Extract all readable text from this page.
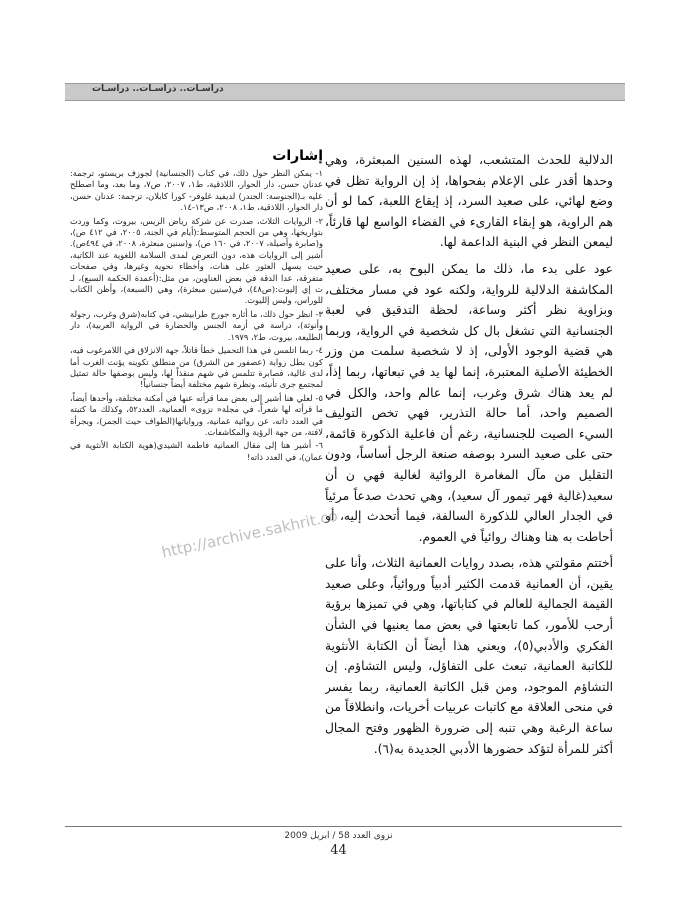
دراسـات.. دراسـات.. دراسـات
إشارات

١- يمكن النظر حول ذلك، في كتاب (الجنسانية) لجوزف بريستو، ترجمة: عدنان حسن، دار الحوار، اللاذقية، ط١، ٢٠٠٧، ص٧، وما بعد، وما اصطلح عليه بـ(الجنوسة: الجندر) لديفيد غلوفر- كورا كابلان، ترجمة: عدنان حسن، دار الحوار، اللاذقية، ط١، ٢٠٠٨، ص١٣-١٤.

٢- الروايات الثلاث، صدرت عن شركة رياض الريس، بيروت، وكما وردت بتواريخها، وهي من الحجم المتوسط:(أيام في الجنة، ٢٠٠٥، في ٤١٢ ص)، و(صابرة وأصيلة، ٢٠٠٧، في ١٦٠ ص)، و(سنين مبعثرة، ٢٠٠٨، في ٤٩٤ص). أشير إلى الروايات هذه، دون التعرض لمدى السلامة اللغوية عند الكاتبة، حيث يسهل العثور على هنات، وأخطاء نحوية وغيرها، وفي صفحات متفرقة، عدا الدقة في بعض العناوين، من مثل:(أعمدة الحكمة السبع)، لـ ت إي إليوت:(ص٤٨)، في(سنين مبعثرة)، وهي (السبعة)، وأظن الكتاب للوراس، وليس إلليوت.

٣- انظر حول ذلك، ما أثاره جورج طرابيشي، في كتابه(شرق وغرب، رجولة وأنوثة)، دراسة في أزمة الجنس والحضارة في الرواية العربية)، دار الطليعة، بيروت، ط٢، ١٩٧٩.

٤- ربما اتلمس في هذا التحميل خطأ قاتلاً، جهة الانزلاق في اللامرغوب فيه، كون بطل رواية (عصفور من الشرق) من منطلق تكوينه يؤنث الغرب أما لدى غالية، فصابرة تتلمس في شهم منقذاً لها، وليس بوصفها حالة تمثيل لمجتمع جرى تأنيثه، ونظرة شهم مختلفة أيضاً جنسانياً!

٥- لعلي هنا أشير إلى بعض مما قرأته عنها في أمكنة مختلفة، وأحدها أيضاً، ما قرأته لها شعراً، في مجلة« نزوى» العمانية، العدد٥٢، وكذلك ما كتبته في العدد ذاته، عن روائية عمانية، ورواياتها(الطواف حيث الجمر)، وبجرأة لافتة، من جهة الرؤية والمكاشفات.

٦- أشير هنا إلى مقال العمانية فاطمة الشيدي(هوية الكتابة الأنثوية في عمان)، في العدد ذاته!

الدلالية للحدث المتشعب، لهذه السنين المبعثرة، وهي وحدها أقدر على الإعلام بفحواها، إذ إن الرواية تظل في وضع لهائي، على صعيد السرد، إذ إيقاع اللعبة، كما لو أن هم الراوية، هو إبقاء القارىء في الفضاء الواسع لها قارئاً، ليمعن النظر في البنية الداعمة لها.

عود على بدء ما، ذلك ما يمكن البوح به، على صعيد المكاشفة الدلالية للرواية، ولكنه عود في مسار مختلف، وبزاوية نظر أكثر وساعة، لحظة التدقيق في لعبة الجنسانية التي تشغل بال كل شخصية في الرواية، وربما هي قضية الوجود الأولى، إذ لا شخصية سلمت من وزر الخطيئة الأصلية المعتبرة، إنما لها يد في تبعاتها، ربما إذاً، لم يعد هناك شرق وغرب، إنما عالم واحد، والكل في الصميم واحد، أما حالة التذرير، فهي تخص التوليف السيء الصيت للجنسانية، رغم أن فاعلية الذكورة قائمة، حتى على صعيد السرد بوصفه صنعة الرجل أساساً، ودون التقليل من مآل المغامرة الروائية لغالية فهي ن أن سعيد(غالية فهر تيمور آل سعيد)، وهي تحدث صدعاً مرئياً في الجدار العالي للذكورة السالفة، فيما أتحدث إليه، أو أحاطت به هنا وهناك روائياً في العموم.

أختتم مقولتي هذه، بصدد روايات العمانية الثلاث، وأنا على يقين، أن العمانية قدمت الكثير أدبياً وروائياً، وعلى صعيد القيمة الجمالية للعالم في كتاباتها، وهي في تميزها برؤية أرحب للأمور، كما تابعتها في بعض مما يعنيها في الشأن الفكري والأدبي(٥)، ويعني هذا أيضاً أن الكتابة الأنثوية للكاتبة العمانية، تبعث على التفاؤل، وليس التشاؤم. إن التشاؤم الموجود، ومن قبل الكاتبة العمانية، ربما يفسر في منحى العلاقة مع كاتبات عربيات أخريات، وانطلاقاً من ساعة الرغبة وهي تنبه إلى ضرورة الظهور وفتح المجال أكثر للمرأة لتؤكد حضورها الأدبي الجديدة به(٦).

http://archive.sakhrit.co
نزوى العدد 58 / ابريل 2009
44
